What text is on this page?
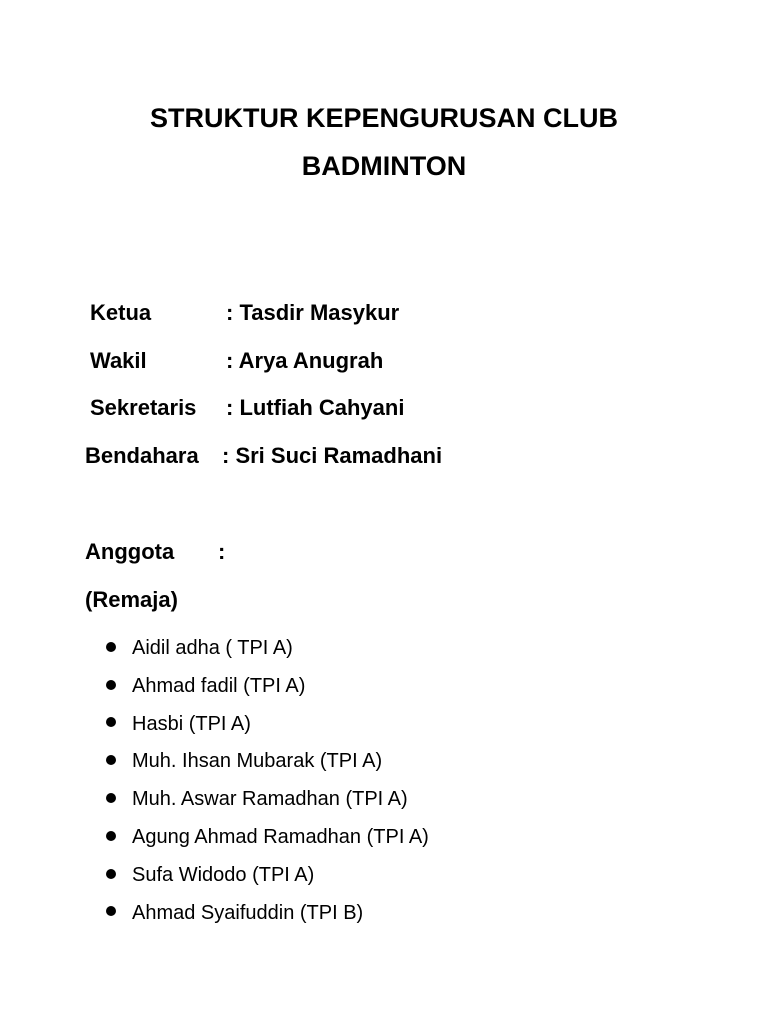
STRUKTUR KEPENGURUSAN CLUB
BADMINTON
Ketua	: Tasdir Masykur
Wakil	: Arya Anugrah
Sekretaris : Lutfiah Cahyani
Bendahara : Sri Suci Ramadhani
Anggota :
(Remaja)
Aidil adha ( TPI A)
Ahmad fadil (TPI A)
Hasbi (TPI A)
Muh. Ihsan Mubarak (TPI A)
Muh. Aswar Ramadhan (TPI A)
Agung Ahmad Ramadhan (TPI A)
Sufa Widodo (TPI A)
Ahmad Syaifuddin (TPI B)
